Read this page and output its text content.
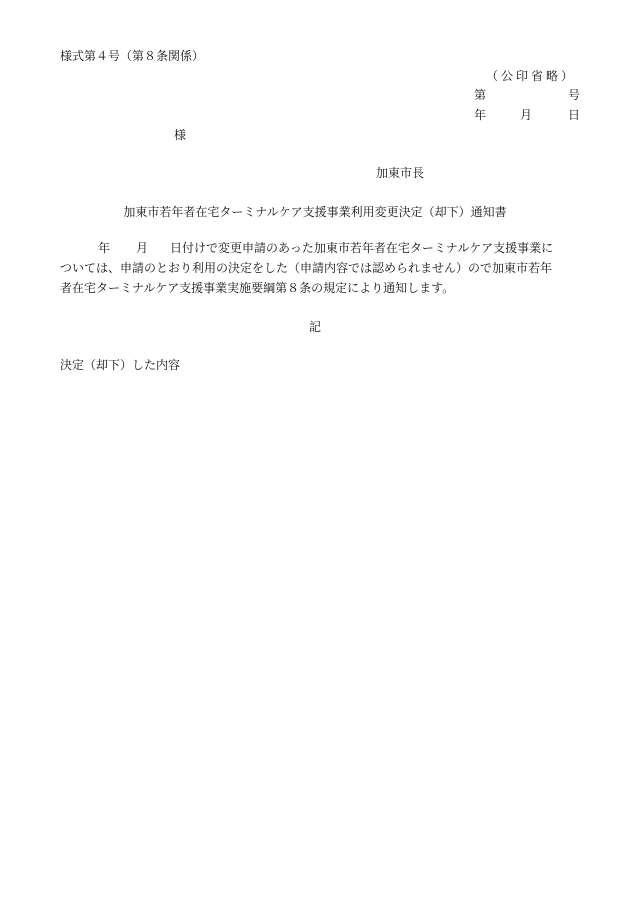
様式第４号（第８条関係）
（公印省略）
第	号
年	月	日
様
加東市長
加東市若年者在宅ターミナルケア支援事業利用変更決定（却下）通知書
年 月 日付けで変更申請のあった加東市若年者在宅ターミナルケア支援事業に
ついては、申請のとおり利用の決定をした（申請内容では認められません）ので加東市若年
者在宅ターミナルケア支援事業実施要綱第８条の規定により通知します。
記
決定（却下）した内容
